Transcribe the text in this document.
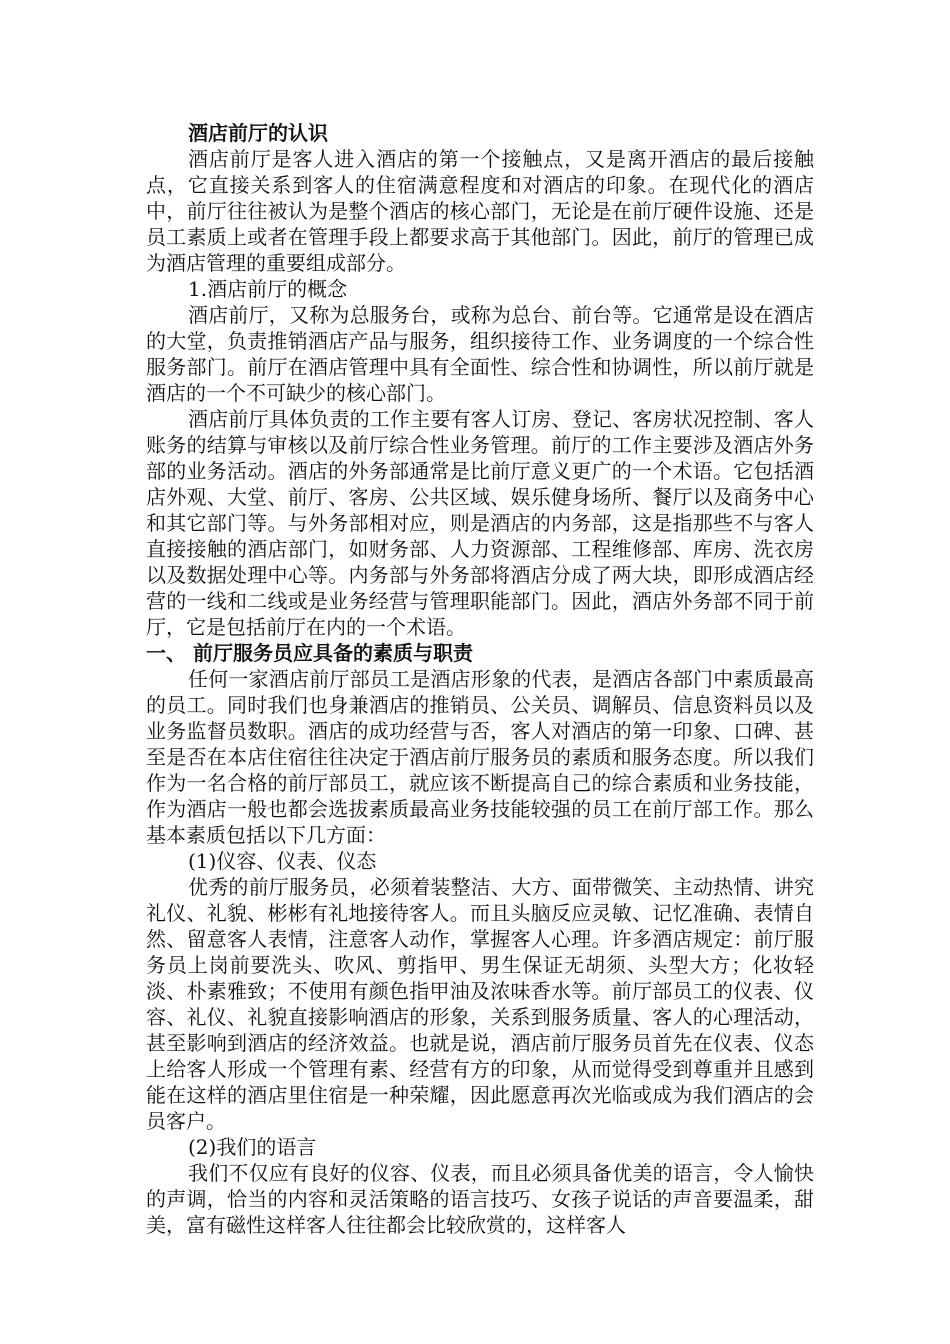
酒店前厅的认识

酒店前厅是客人进入酒店的第一个接触点，又是离开酒店的最后接触点，它直接关系到客人的住宿满意程度和对酒店的印象。在现代化的酒店中，前厅往往被认为是整个酒店的核心部门，无论是在前厅硬件设施、还是员工素质上或者在管理手段上都要求高于其他部门。因此，前厅的管理已成为酒店管理的重要组成部分。

1.酒店前厅的概念

酒店前厅，又称为总服务台，或称为总台、前台等。它通常是设在酒店的大堂，负责推销酒店产品与服务，组织接待工作、业务调度的一个综合性服务部门。前厅在酒店管理中具有全面性、综合性和协调性，所以前厅就是酒店的一个不可缺少的核心部门。

酒店前厅具体负责的工作主要有客人订房、登记、客房状况控制、客人账务的结算与审核以及前厅综合性业务管理。前厅的工作主要涉及酒店外务部的业务活动。酒店的外务部通常是比前厅意义更广的一个术语。它包括酒店外观、大堂、前厅、客房、公共区域、娱乐健身场所、餐厅以及商务中心和其它部门等。与外务部相对应，则是酒店的内务部，这是指那些不与客人直接接触的酒店部门，如财务部、人力资源部、工程维修部、库房、洗衣房以及数据处理中心等。内务部与外务部将酒店分成了两大块，即形成酒店经营的一线和二线或是业务经营与管理职能部门。因此，酒店外务部不同于前厅，它是包括前厅在内的一个术语。

一、 前厅服务员应具备的素质与职责

任何一家酒店前厅部员工是酒店形象的代表，是酒店各部门中素质最高的员工。同时我们也身兼酒店的推销员、公关员、调解员、信息资料员以及业务监督员数职。酒店的成功经营与否，客人对酒店的第一印象、口碑、甚至是否在本店住宿往往决定于酒店前厅服务员的素质和服务态度。所以我们作为一名合格的前厅部员工，就应该不断提高自己的综合素质和业务技能，作为酒店一般也都会选拔素质最高业务技能较强的员工在前厅部工作。那么基本素质包括以下几方面：

(1)仪容、仪表、仪态

优秀的前厅服务员，必须着装整洁、大方、面带微笑、主动热情、讲究礼仪、礼貌、彬彬有礼地接待客人。而且头脑反应灵敏、记忆准确、表情自然、留意客人表情，注意客人动作，掌握客人心理。许多酒店规定：前厅服务员上岗前要洗头、吹风、剪指甲、男生保证无胡须、头型大方；化妆轻淡、朴素雅致；不使用有颜色指甲油及浓味香水等。前厅部员工的仪表、仪容、礼仪、礼貌直接影响酒店的形象，关系到服务质量、客人的心理活动，甚至影响到酒店的经济效益。也就是说，酒店前厅服务员首先在仪表、仪态上给客人形成一个管理有素、经营有方的印象，从而觉得受到尊重并且感到能在这样的酒店里住宿是一种荣耀，因此愿意再次光临或成为我们酒店的会员客户。

(2)我们的语言

我们不仅应有良好的仪容、仪表，而且必须具备优美的语言，令人愉快的声调，恰当的内容和灵活策略的语言技巧、女孩子说话的声音要温柔，甜美，富有磁性这样客人往往都会比较欣赏的，这样客人
